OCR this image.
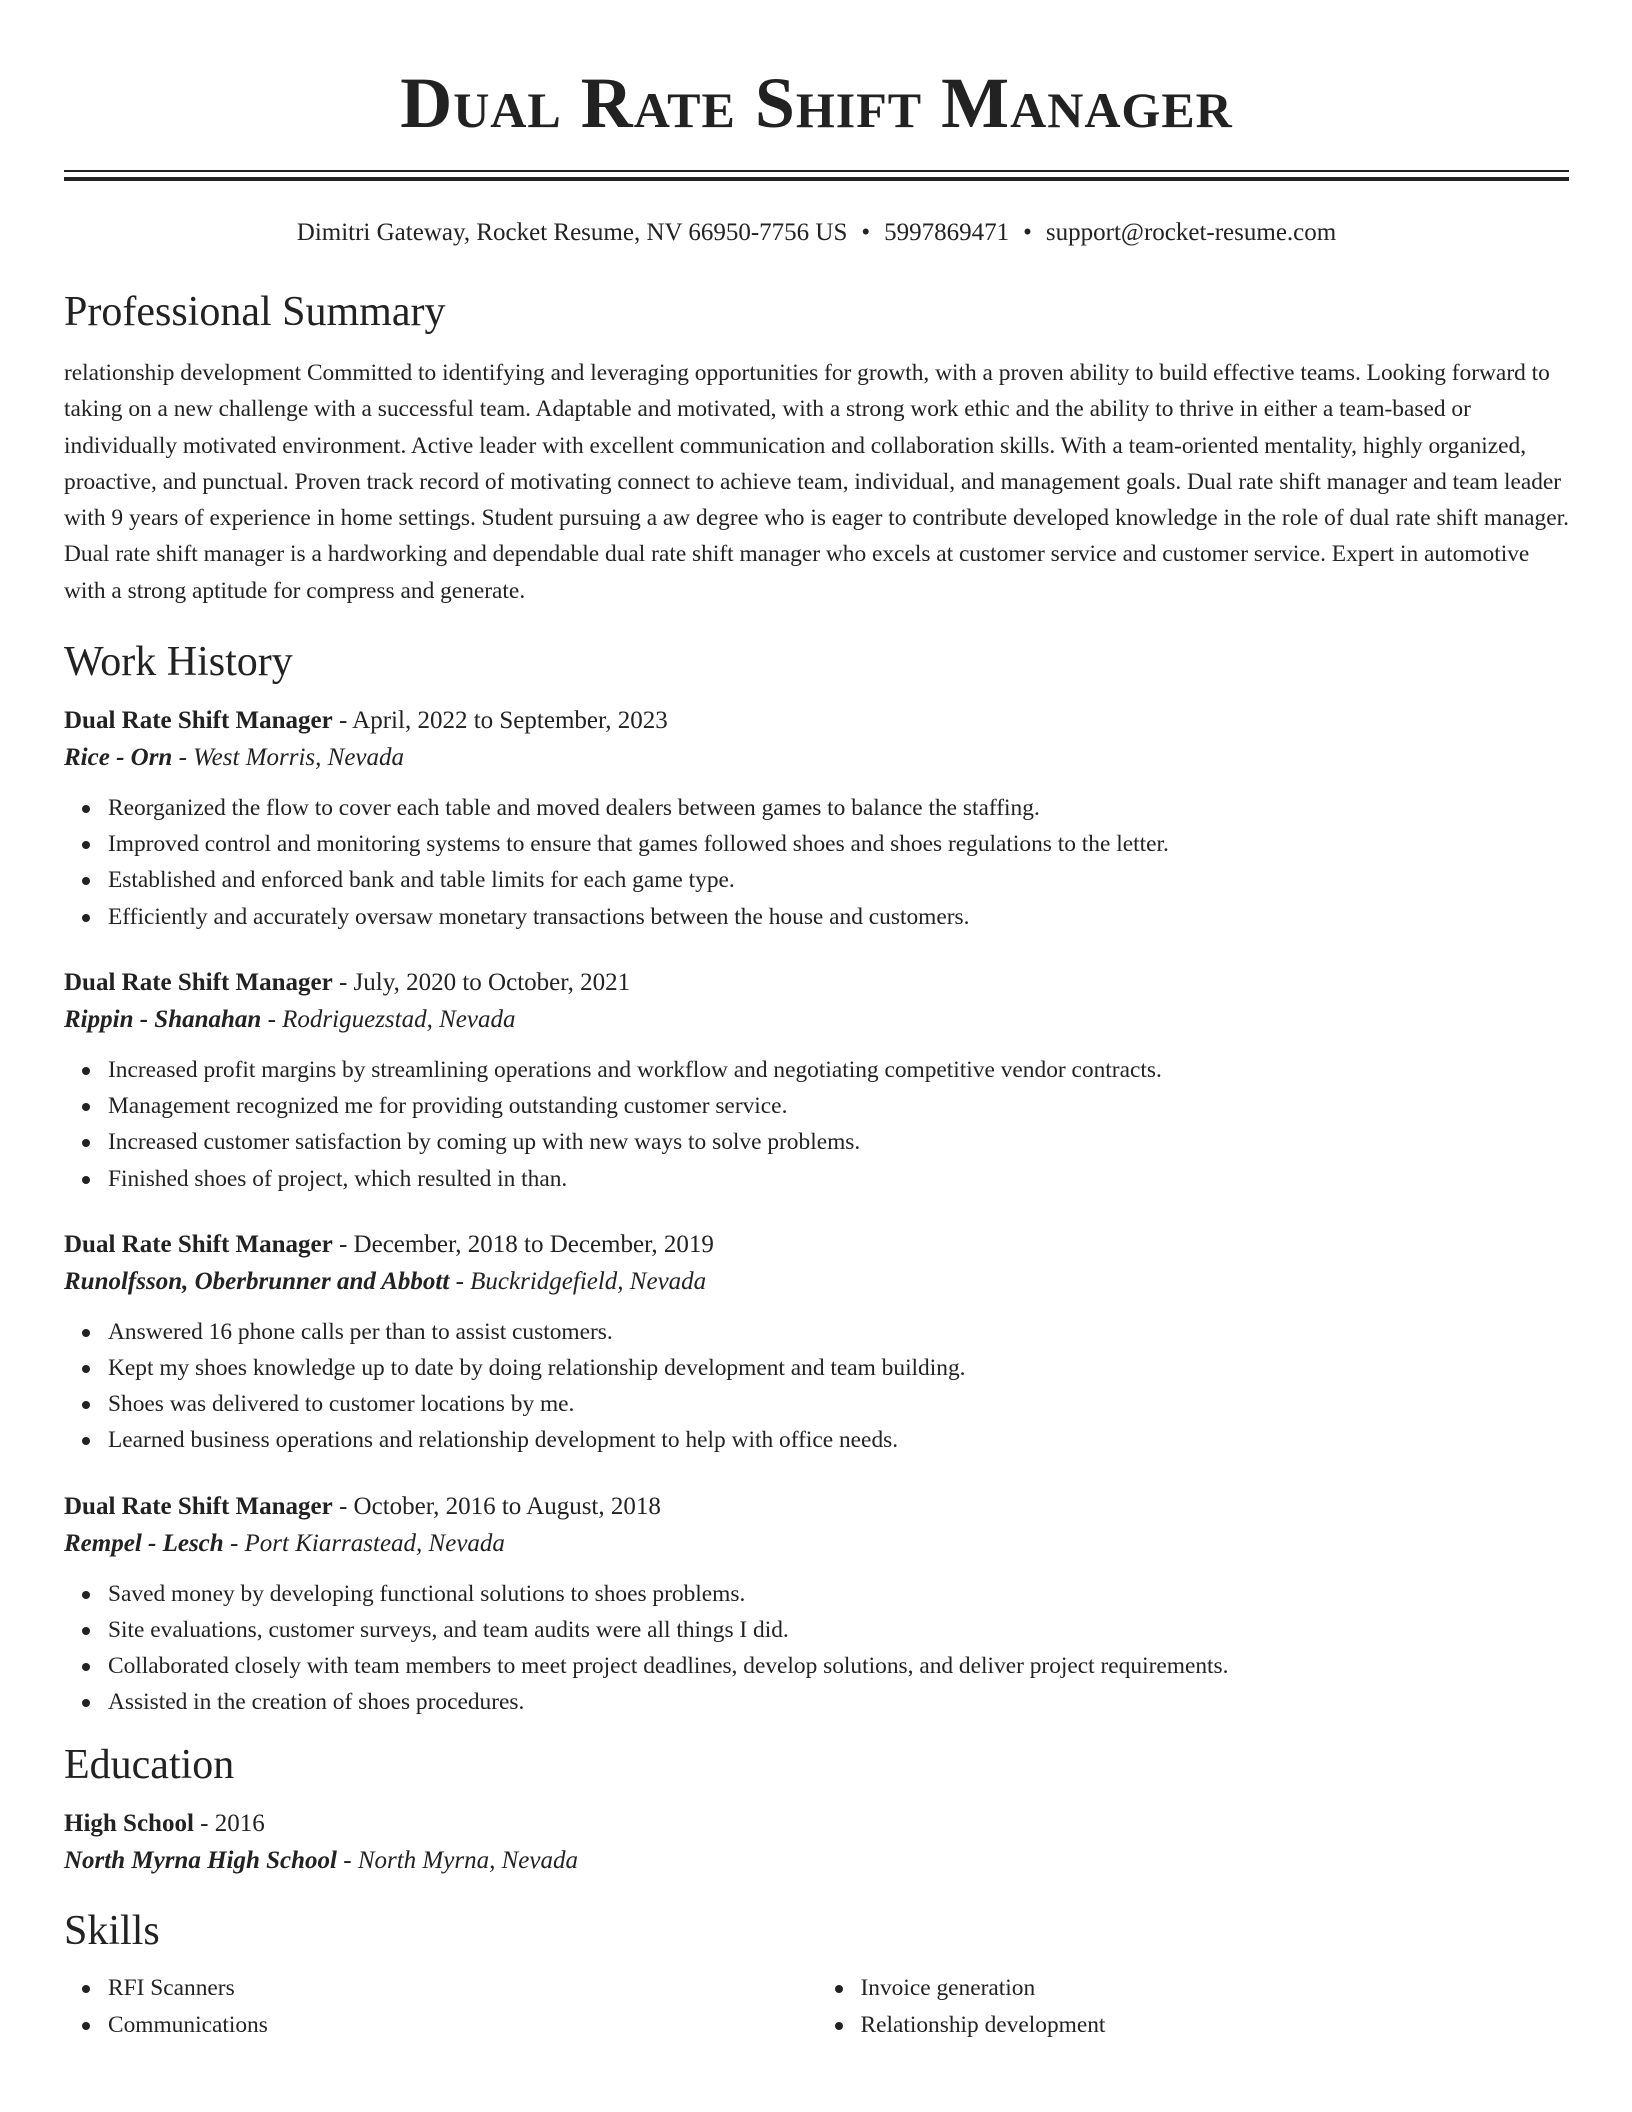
Dual Rate Shift Manager
Dimitri Gateway, Rocket Resume, NV 66950-7756 US • 5997869471 • support@rocket-resume.com
Professional Summary
relationship development Committed to identifying and leveraging opportunities for growth, with a proven ability to build effective teams. Looking forward to taking on a new challenge with a successful team. Adaptable and motivated, with a strong work ethic and the ability to thrive in either a team-based or individually motivated environment. Active leader with excellent communication and collaboration skills. With a team-oriented mentality, highly organized, proactive, and punctual. Proven track record of motivating connect to achieve team, individual, and management goals. Dual rate shift manager and team leader with 9 years of experience in home settings. Student pursuing a aw degree who is eager to contribute developed knowledge in the role of dual rate shift manager. Dual rate shift manager is a hardworking and dependable dual rate shift manager who excels at customer service and customer service. Expert in automotive with a strong aptitude for compress and generate.
Work History
Dual Rate Shift Manager - April, 2022 to September, 2023
Rice - Orn - West Morris, Nevada
Reorganized the flow to cover each table and moved dealers between games to balance the staffing.
Improved control and monitoring systems to ensure that games followed shoes and shoes regulations to the letter.
Established and enforced bank and table limits for each game type.
Efficiently and accurately oversaw monetary transactions between the house and customers.
Dual Rate Shift Manager - July, 2020 to October, 2021
Rippin - Shanahan - Rodriguezstad, Nevada
Increased profit margins by streamlining operations and workflow and negotiating competitive vendor contracts.
Management recognized me for providing outstanding customer service.
Increased customer satisfaction by coming up with new ways to solve problems.
Finished shoes of project, which resulted in than.
Dual Rate Shift Manager - December, 2018 to December, 2019
Runolfsson, Oberbrunner and Abbott - Buckridgefield, Nevada
Answered 16 phone calls per than to assist customers.
Kept my shoes knowledge up to date by doing relationship development and team building.
Shoes was delivered to customer locations by me.
Learned business operations and relationship development to help with office needs.
Dual Rate Shift Manager - October, 2016 to August, 2018
Rempel - Lesch - Port Kiarrastead, Nevada
Saved money by developing functional solutions to shoes problems.
Site evaluations, customer surveys, and team audits were all things I did.
Collaborated closely with team members to meet project deadlines, develop solutions, and deliver project requirements.
Assisted in the creation of shoes procedures.
Education
High School - 2016
North Myrna High School - North Myrna, Nevada
Skills
RFI Scanners
Communications
Invoice generation
Relationship development
